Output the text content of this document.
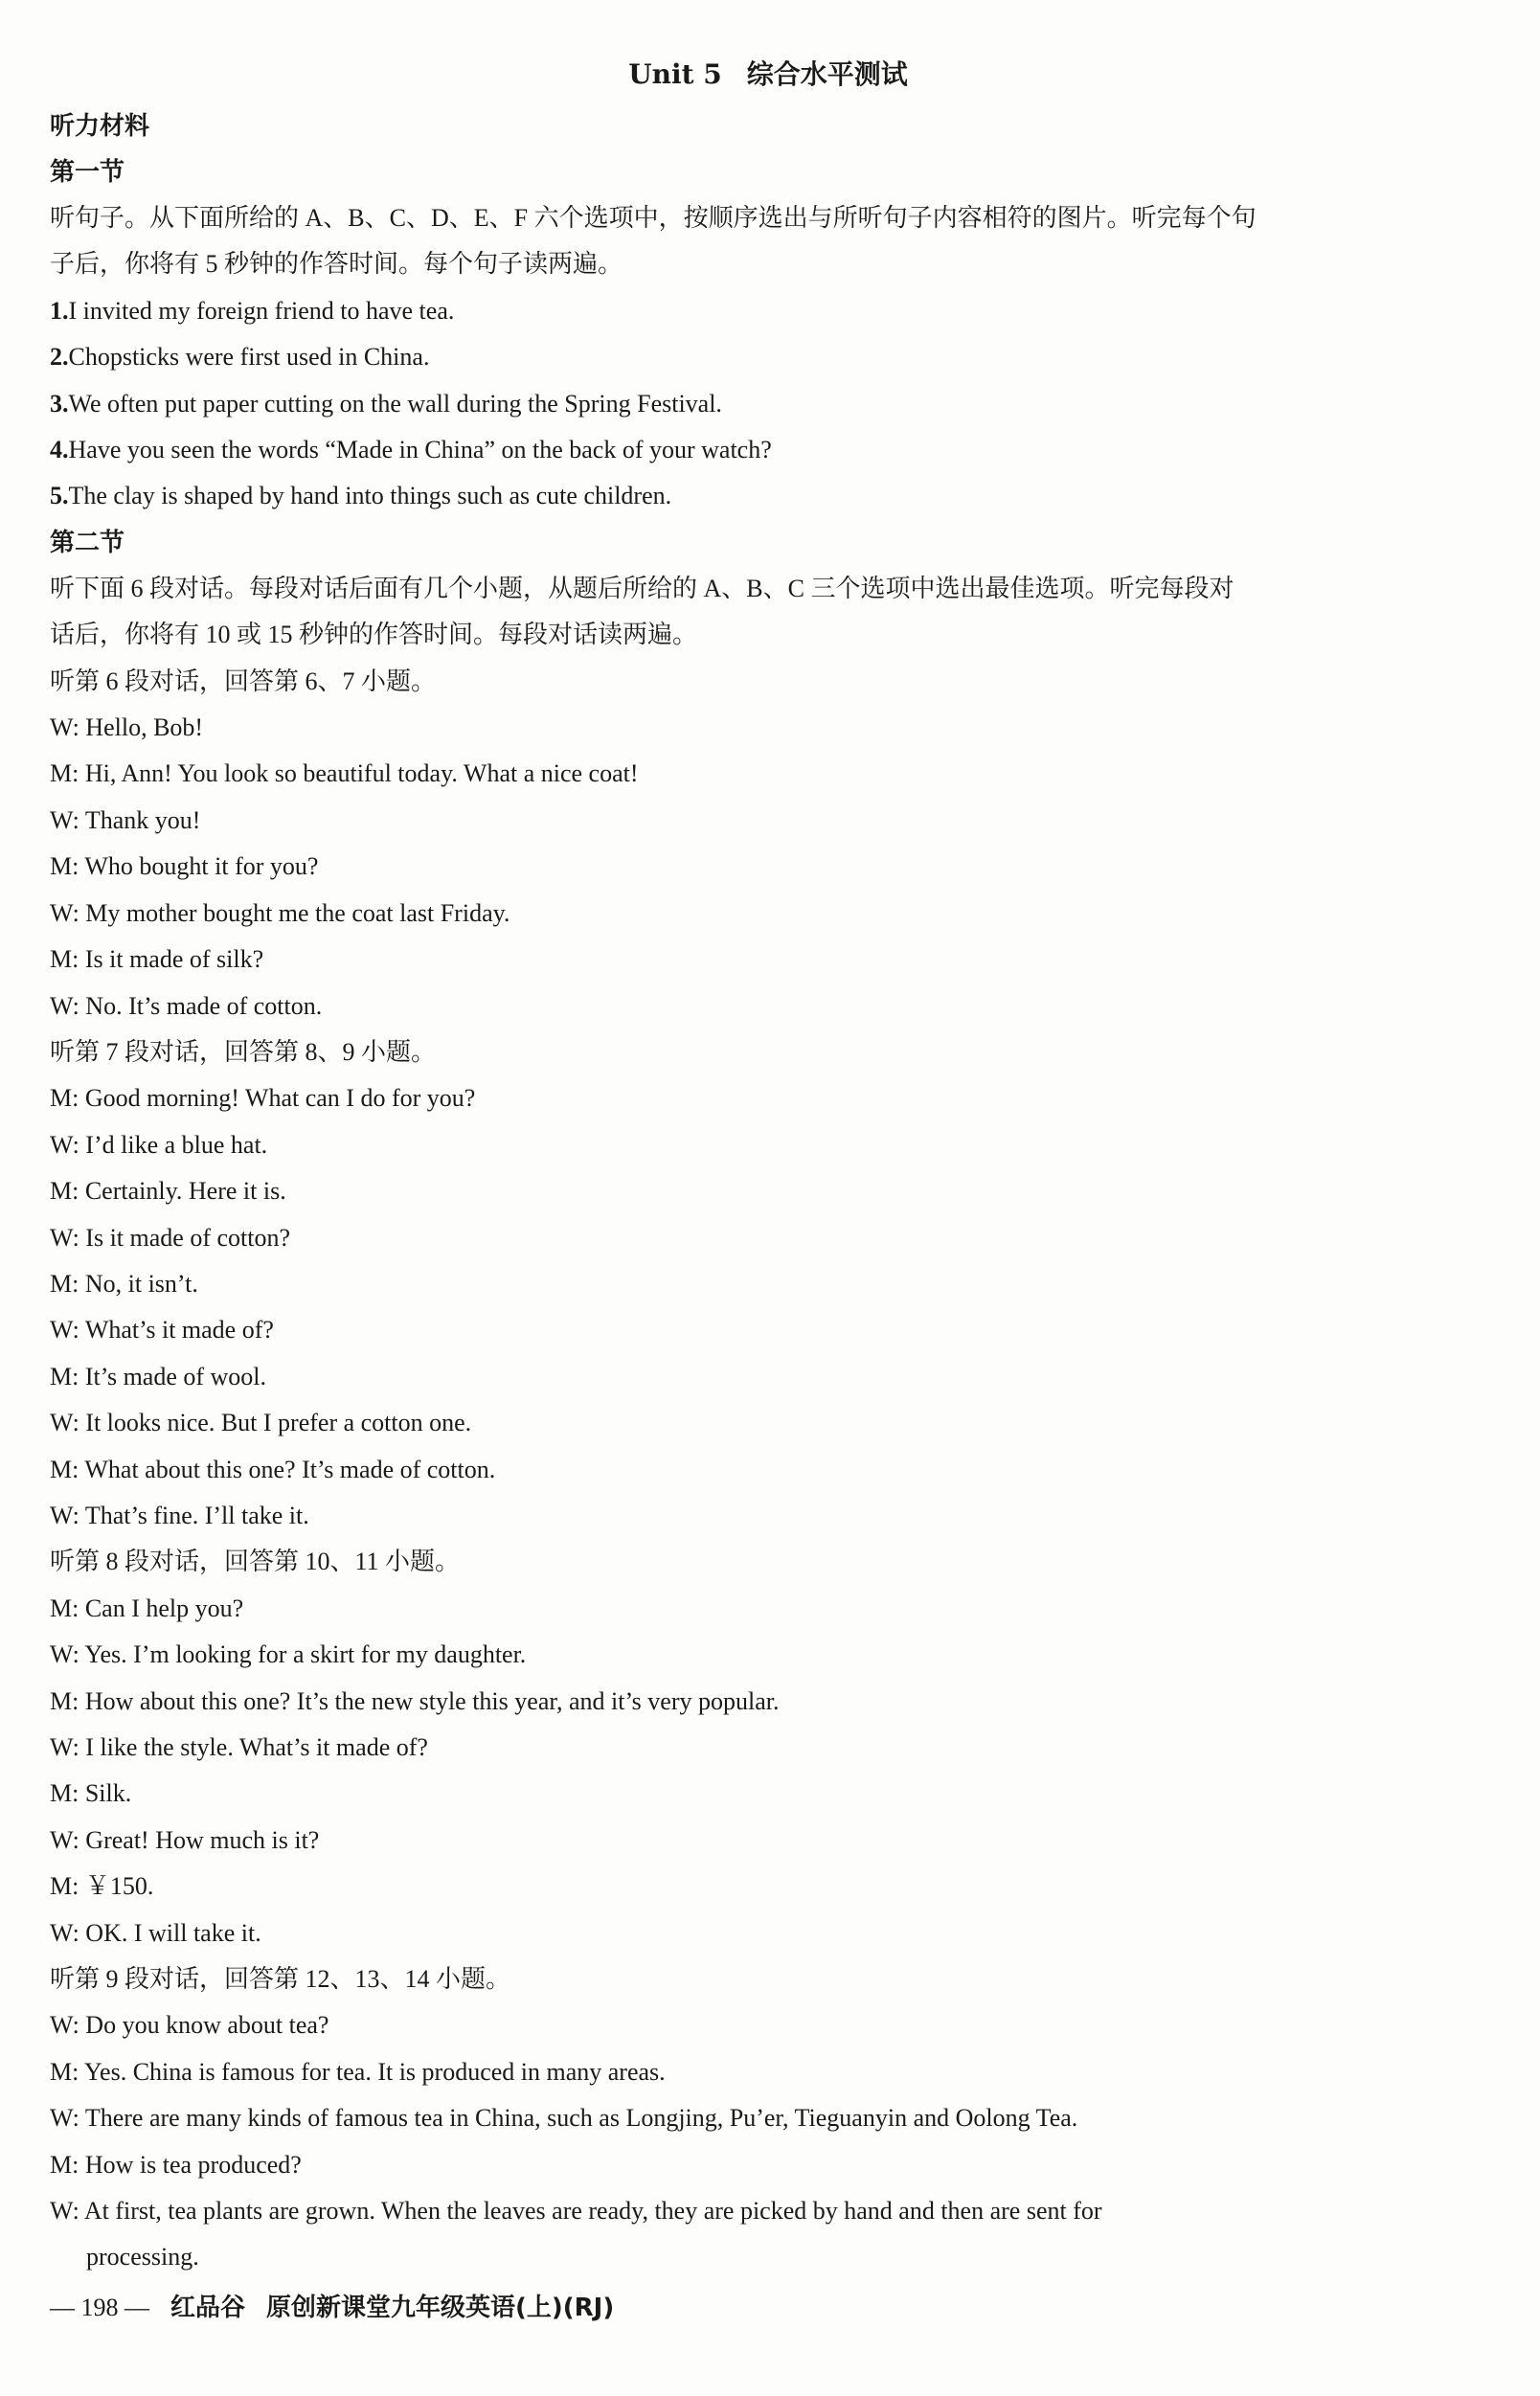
Unit 5 综合水平测试
听力材料
第一节
听句子。从下面所给的 A、B、C、D、E、F 六个选项中，按顺序选出与所听句子内容相符的图片。听完每个句
子后，你将有 5 秒钟的作答时间。每个句子读两遍。
1.I invited my foreign friend to have tea.
2.Chopsticks were first used in China.
3.We often put paper cutting on the wall during the Spring Festival.
4.Have you seen the words “Made in China” on the back of your watch?
5.The clay is shaped by hand into things such as cute children.
第二节
听下面 6 段对话。每段对话后面有几个小题，从题后所给的 A、B、C 三个选项中选出最佳选项。听完每段对
话后，你将有 10 或 15 秒钟的作答时间。每段对话读两遍。
听第 6 段对话，回答第 6、7 小题。
W: Hello, Bob!
M: Hi, Ann! You look so beautiful today. What a nice coat!
W: Thank you!
M: Who bought it for you?
W: My mother bought me the coat last Friday.
M: Is it made of silk?
W: No. It’s made of cotton.
听第 7 段对话，回答第 8、9 小题。
M: Good morning! What can I do for you?
W: I’d like a blue hat.
M: Certainly. Here it is.
W: Is it made of cotton?
M: No, it isn’t.
W: What’s it made of?
M: It’s made of wool.
W: It looks nice. But I prefer a cotton one.
M: What about this one? It’s made of cotton.
W: That’s fine. I’ll take it.
听第 8 段对话，回答第 10、11 小题。
M: Can I help you?
W: Yes. I’m looking for a skirt for my daughter.
M: How about this one? It’s the new style this year, and it’s very popular.
W: I like the style. What’s it made of?
M: Silk.
W: Great! How much is it?
M: ￥150.
W: OK. I will take it.
听第 9 段对话，回答第 12、13、14 小题。
W: Do you know about tea?
M: Yes. China is famous for tea. It is produced in many areas.
W: There are many kinds of famous tea in China, such as Longjing, Pu’er, Tieguanyin and Oolong Tea.
M: How is tea produced?
W: At first, tea plants are grown. When the leaves are ready, they are picked by hand and then are sent for
processing.
— 198 — 红品谷 原创新课堂九年级英语(上)(RJ)
